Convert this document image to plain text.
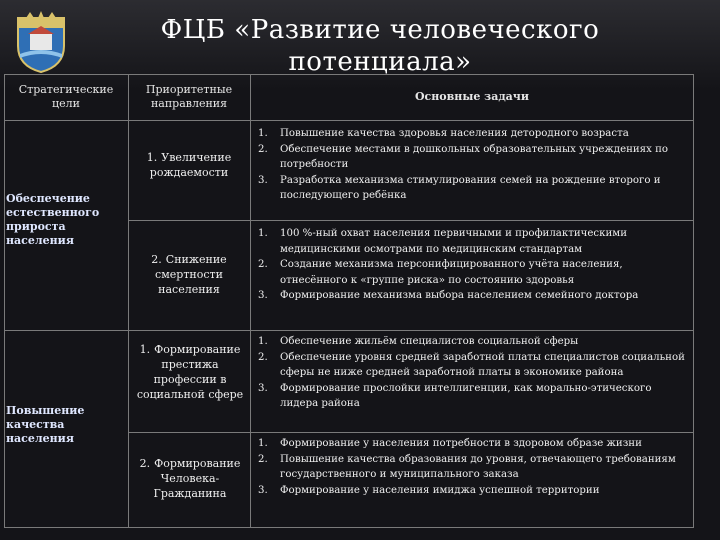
ФЦБ «Развитие человеческого потенциала»
Стратегические цели
Приоритетные направления
Основные задачи
Обеспечение естественного прироста населения
Повышение качества населения
1. Увеличение рождаемости
2. Снижение смертности населения
1. Формирование престижа профессии в социальной сфере
2. Формирование Человека-Гражданина
1. Повышение качества здоровья населения детородного возраста
2. Обеспечение местами в дошкольных образовательных учреждениях по потребности
3. Разработка механизма стимулирования семей на рождение второго и последующего ребёнка
1. 100 %-ный охват населения первичными и профилактическими медицинскими осмотрами по медицинским стандартам
2. Создание механизма персонифицированного учёта населения, отнесённого к «группе риска» по состоянию здоровья
3. Формирование механизма выбора населением семейного доктора
1. Обеспечение жильём специалистов социальной сферы
2. Обеспечение уровня средней заработной платы специалистов социальной сферы не ниже средней заработной платы в экономике района
3. Формирование прослойки интеллигенции, как морально-этического лидера района
1. Формирование у населения потребности в здоровом образе жизни
2. Повышение качества образования до уровня, отвечающего требованиям государственного и муниципального заказа
3. Формирование у населения имиджа успешной территории
